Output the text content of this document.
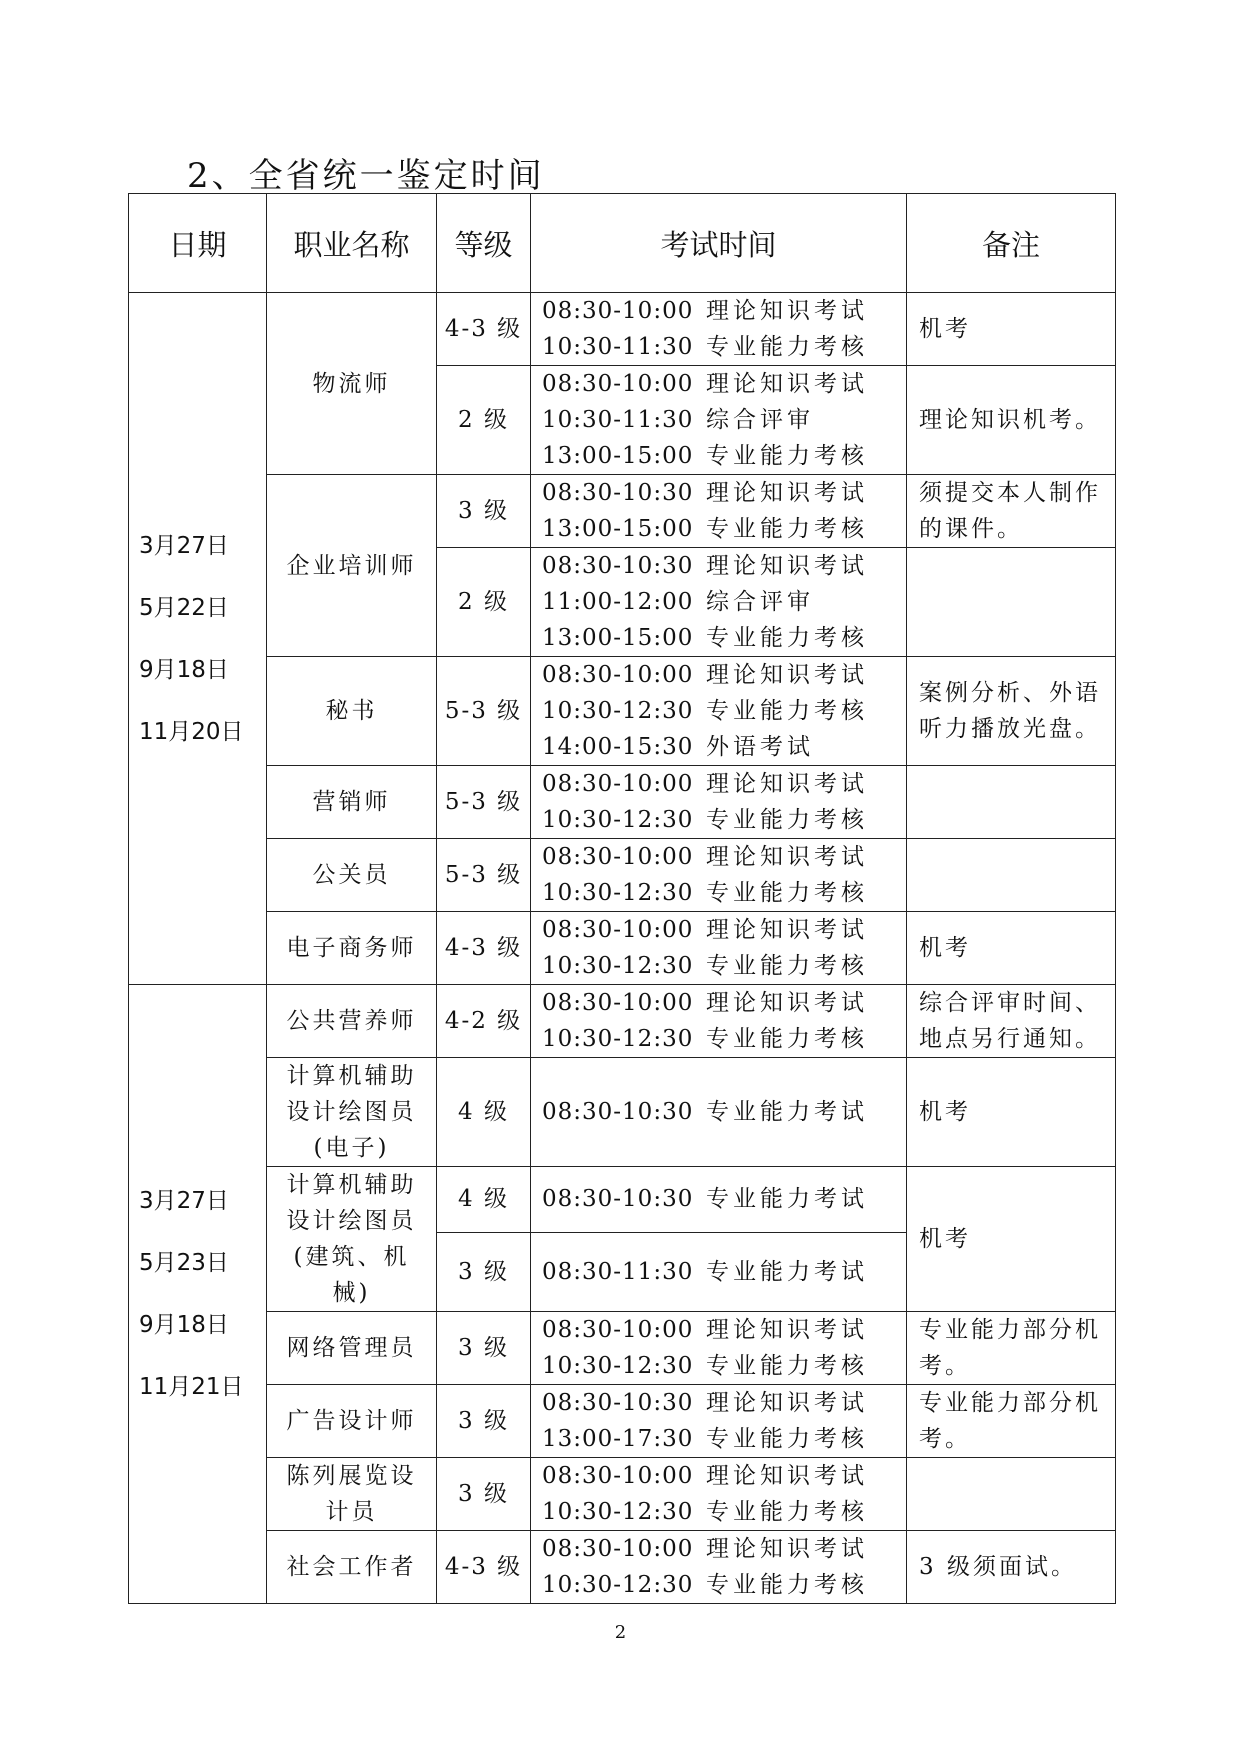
2、全省统一鉴定时间
日期	职业名称	等级	考试时间	备注

3月27日
5月22日
9月18日
11月20日	物流师	4-3 级	08:30-10:00 理论知识考试
10:30-11:30 专业能力考核	机考
		2 级	08:30-10:00 理论知识考试
10:30-11:30 综合评审
13:00-15:00 专业能力考核	理论知识机考。
	企业培训师	3 级	08:30-10:30 理论知识考试
13:00-15:00 专业能力考核	须提交本人制作的课件。
		2 级	08:30-10:30 理论知识考试
11:00-12:00 综合评审
13:00-15:00 专业能力考核	

	秘书	5-3 级	08:30-10:00 理论知识考试
10:30-12:30 专业能力考核
14:00-15:30 外语考试	案例分析、外语听力播放光盘。
	营销师	5-3 级	08:30-10:00 理论知识考试
10:30-12:30 专业能力考核	

	公关员	5-3 级	08:30-10:00 理论知识考试
10:30-12:30 专业能力考核	

	电子商务师	4-3 级	08:30-10:00 理论知识考试
10:30-12:30 专业能力考核	机考

3月27日
5月23日
9月18日
11月21日	公共营养师	4-2 级	08:30-10:00 理论知识考试
10:30-12:30 专业能力考核	综合评审时间、地点另行通知。
	计算机辅助设计绘图员(电子)	4 级	08:30-10:30 专业能力考试	机考
	计算机辅助设计绘图员(建筑、机械)	4 级	08:30-10:30 专业能力考试	机考
		3 级	08:30-11:30 专业能力考试	

	网络管理员	3 级	08:30-10:00 理论知识考试
10:30-12:30 专业能力考核	专业能力部分机考。
	广告设计师	3 级	08:30-10:30 理论知识考试
13:00-17:30 专业能力考核	专业能力部分机考。
	陈列展览设计员	3 级	08:30-10:00 理论知识考试
10:30-12:30 专业能力考核	

	社会工作者	4-3 级	08:30-10:00 理论知识考试
10:30-12:30 专业能力考核	3 级须面试。
2
